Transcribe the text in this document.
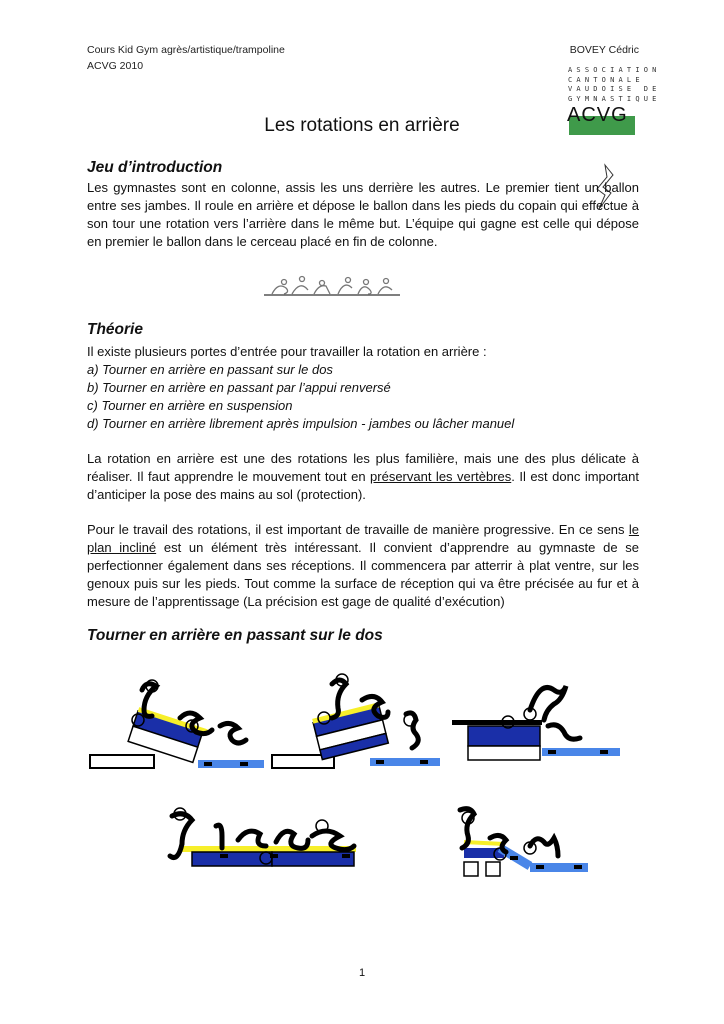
Cours Kid Gym agrès/artistique/trampoline
ACVG 2010
BOVEY Cédric
ASSOCIATION
CANTONALE
VAUDOISE DE
GYMNASTIQUE
ACVG
Les rotations en arrière
Jeu d’introduction
Les gymnastes sont en colonne, assis les uns derrière les autres. Le premier tient un ballon entre ses jambes. Il roule en arrière et dépose le ballon dans les pieds du copain qui effectue à son tour une rotation vers l’arrière dans le même but. L’équipe qui gagne est celle qui dépose en premier le ballon dans le cerceau placé en fin de colonne.
Théorie
Il existe plusieurs portes d’entrée pour travailler la rotation en arrière :
a) Tourner en arrière en passant sur le dos
b) Tourner en arrière en passant par l’appui renversé
c) Tourner en arrière en suspension
d) Tourner en arrière librement après impulsion - jambes ou lâcher manuel
La rotation en arrière est une des rotations les plus familière, mais une des plus délicate à réaliser. Il faut apprendre le mouvement tout en préservant les vertèbres. Il est donc important d’anticiper la pose des mains au sol (protection).
Pour le travail des rotations, il est important de travaille de manière progressive. En ce sens le plan incliné est un élément très intéressant. Il convient d’apprendre au gymnaste de se perfectionner également dans ses réceptions. Il commencera par atterrir à plat ventre, sur les genoux puis sur les pieds. Tout comme la surface de réception qui va être précisée au fur et à mesure de l’apprentissage (La précision est gage de qualité d’exécution)
Tourner en arrière en passant sur le dos
1
